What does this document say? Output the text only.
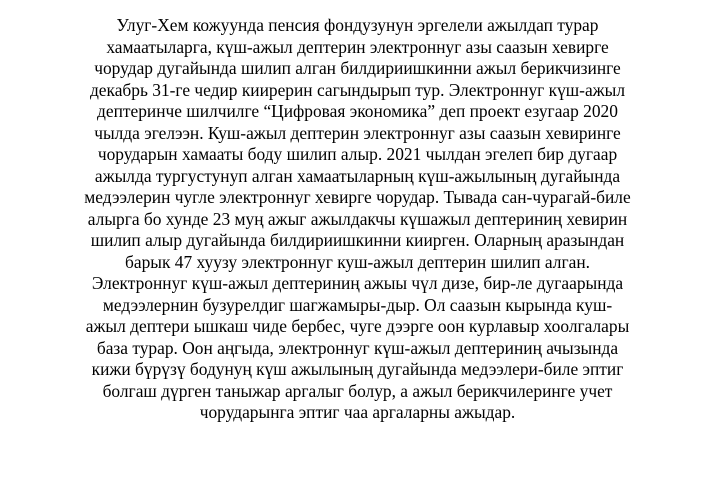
Улуг-Хем кожуунда пенсия фондузунун эргелели ажылдап турар
хамаатыларга, күш-ажыл дептерин электроннуг азы саазын хевирге
чорудар дугайында шилип алган билдириишкинни ажыл берикчизинге
декабрь 31-ге чедир киирерин сагындырып тур. Электроннуг күш-ажыл
дептеринче шилчилге “Цифровая экономика” деп проект езугаар 2020
чылда эгелээн. Куш-ажыл дептерин электроннуг азы саазын хевиринге
чорударын хамааты боду шилип алыр. 2021 чылдан эгелеп бир дугаар
ажылда тургустунуп алган хамаатыларның күш-ажылының дугайында
медээлерин чугле электроннуг хевирге чорудар. Тывада сан-чурагай-биле
алырга бо хунде 23 муң ажыг ажылдакчы күшажыл дептериниң хевирин
шилип алыр дугайында билдириишкинни киирген. Оларның аразындан
барык 47 хуузу электроннуг куш-ажыл дептерин шилип алган.
Электроннуг күш-ажыл дептериниң ажыы чүл дизе, бир-ле дугаарында
медээлернин бузурелдиг шагжамыры-дыр. Ол саазын кырында куш-
ажыл дептери ышкаш чиде бербес, чуге дээрге оон курлавыр хоолгалары
база турар. Оон аңгыда, электроннуг күш-ажыл дептериниң ачызында
кижи бүрүзү бодунуң күш ажылының дугайында медээлери-биле эптиг
болгаш дүрген таныжар аргалыг болур, а ажыл берикчилеринге учет
чорударынга эптиг чаа аргаларны ажыдар.
